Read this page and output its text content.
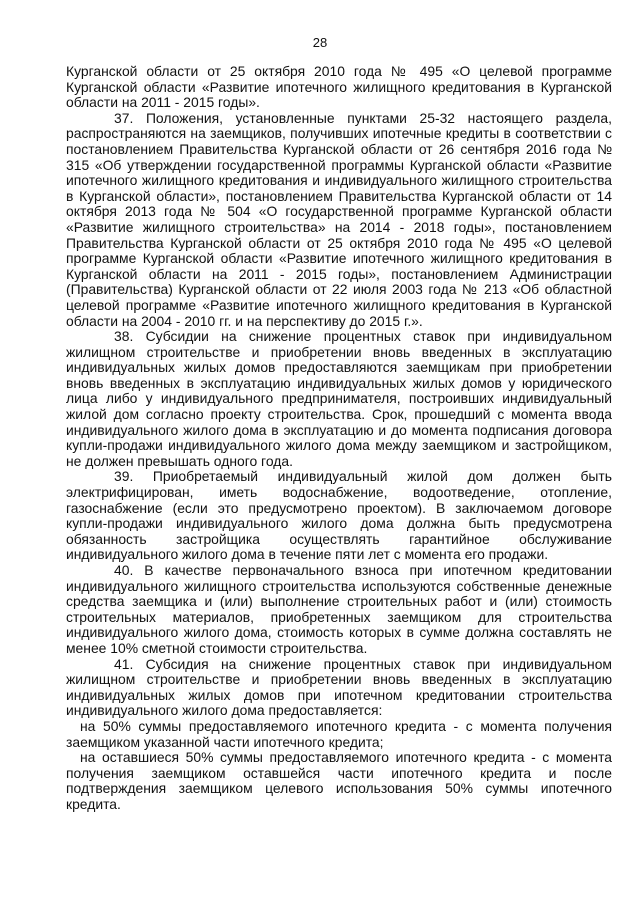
28

Курганской области от 25 октября 2010 года № 495 «О целевой программе Курганской области «Развитие ипотечного жилищного кредитования в Курганской области на 2011 - 2015 годы».

37. Положения, установленные пунктами 25-32 настоящего раздела, распространяются на заемщиков, получивших ипотечные кредиты в соответствии с постановлением Правительства Курганской области от 26 сентября 2016 года № 315 «Об утверждении государственной программы Курганской области «Развитие ипотечного жилищного кредитования и индивидуального жилищного строительства в Курганской области», постановлением Правительства Курганской области от 14 октября 2013 года № 504 «О государственной программе Курганской области «Развитие жилищного строительства» на 2014 - 2018 годы», постановлением Правительства Курганской области от 25 октября 2010 года № 495 «О целевой программе Курганской области «Развитие ипотечного жилищного кредитования в Курганской области на 2011 - 2015 годы», постановлением Администрации (Правительства) Курганской области от 22 июля 2003 года № 213 «Об областной целевой программе «Развитие ипотечного жилищного кредитования в Курганской области на 2004 - 2010 гг. и на перспективу до 2015 г.».

38. Субсидии на снижение процентных ставок при индивидуальном жилищном строительстве и приобретении вновь введенных в эксплуатацию индивидуальных жилых домов предоставляются заемщикам при приобретении вновь введенных в эксплуатацию индивидуальных жилых домов у юридического лица либо у индивидуального предпринимателя, построивших индивидуальный жилой дом согласно проекту строительства. Срок, прошедший с момента ввода индивидуального жилого дома в эксплуатацию и до момента подписания договора купли-продажи индивидуального жилого дома между заемщиком и застройщиком, не должен превышать одного года.

39. Приобретаемый индивидуальный жилой дом должен быть электрифицирован, иметь водоснабжение, водоотведение, отопление, газоснабжение (если это предусмотрено проектом). В заключаемом договоре купли-продажи индивидуального жилого дома должна быть предусмотрена обязанность застройщика осуществлять гарантийное обслуживание индивидуального жилого дома в течение пяти лет с момента его продажи.

40. В качестве первоначального взноса при ипотечном кредитовании индивидуального жилищного строительства используются собственные денежные средства заемщика и (или) выполнение строительных работ и (или) стоимость строительных материалов, приобретенных заемщиком для строительства индивидуального жилого дома, стоимость которых в сумме должна составлять не менее 10% сметной стоимости строительства.

41. Субсидия на снижение процентных ставок при индивидуальном жилищном строительстве и приобретении вновь введенных в эксплуатацию индивидуальных жилых домов при ипотечном кредитовании строительства индивидуального жилого дома предоставляется:

на 50% суммы предоставляемого ипотечного кредита - с момента получения заемщиком указанной части ипотечного кредита;

на оставшиеся 50% суммы предоставляемого ипотечного кредита - с момента получения заемщиком оставшейся части ипотечного кредита и после подтверждения заемщиком целевого использования 50% суммы ипотечного кредита.
